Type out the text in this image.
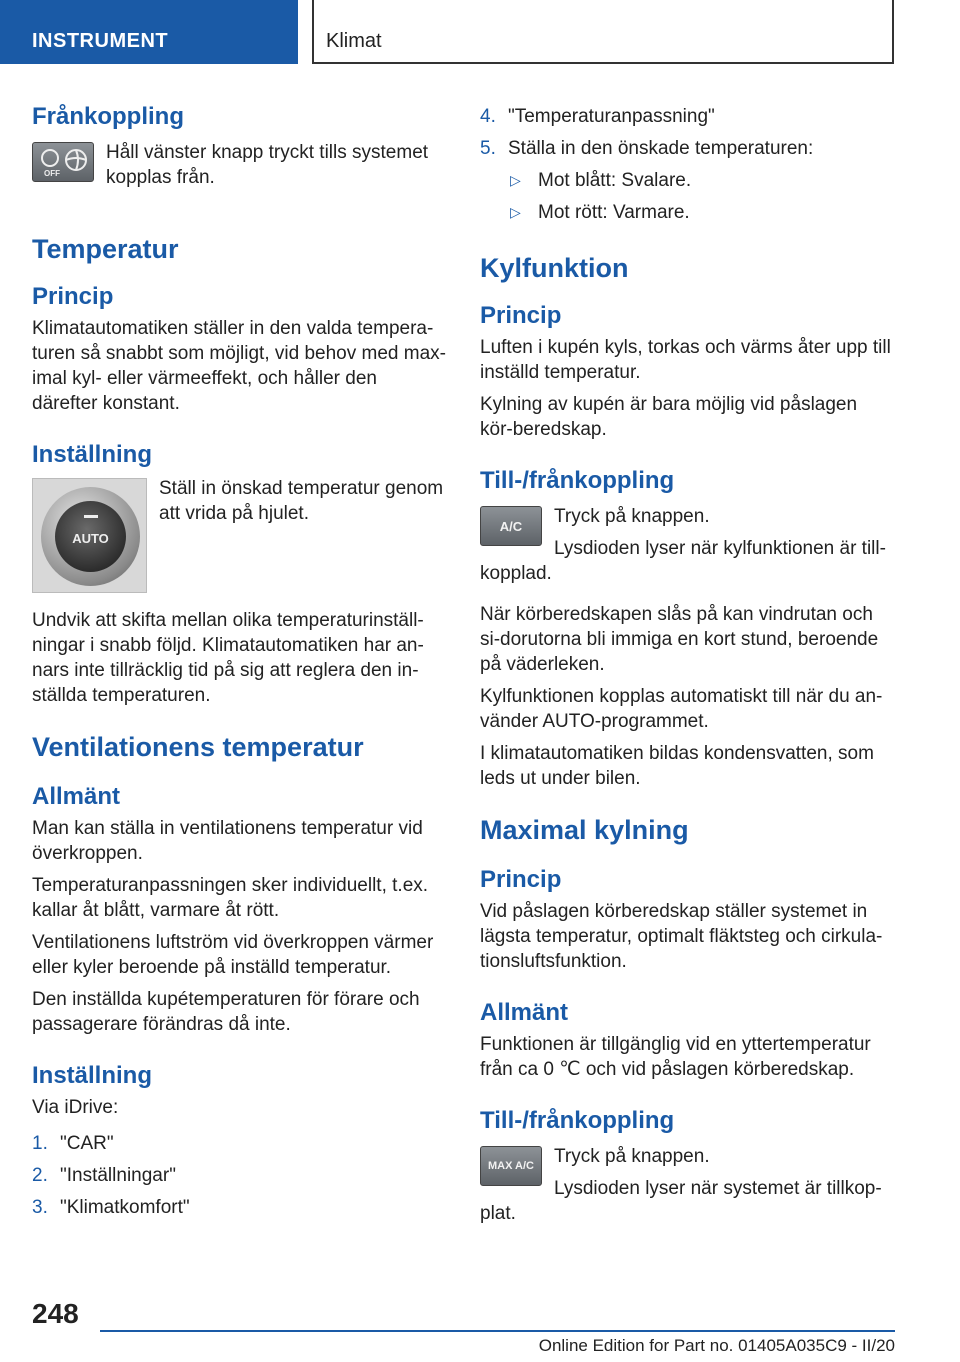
INSTRUMENT	Klimat
Frånkoppling
OFF

Håll vänster knapp tryckt tills systemet kopplas från.

Temperatur
Princip

Klimatautomatiken ställer in den valda tempera-turen så snabbt som möjligt, vid behov med max-imal kyl- eller värmeeffekt, och håller den därefter konstant.

Inställning
AUTO

Ställ in önskad temperatur genom att vrida på hjulet.

Undvik att skifta mellan olika temperaturinställ-ningar i snabb följd. Klimatautomatiken har an-nars inte tillräcklig tid på sig att reglera den in-ställda temperaturen.

Ventilationens temperatur
Allmänt

Man kan ställa in ventilationens temperatur vid överkroppen.

Temperaturanpassningen sker individuellt, t.ex. kallar åt blått, varmare åt rött.

Ventilationens luftström vid överkroppen värmer eller kyler beroende på inställd temperatur.

Den inställda kupétemperaturen för förare och passagerare förändras då inte.

Inställning

Via iDrive:

1. "CAR"

2. "Inställningar"

3. "Klimatkomfort"

4. "Temperaturanpassning"

5. Ställa in den önskade temperaturen:

▷ Mot blått: Svalare.

▷ Mot rött: Varmare.

Kylfunktion
Princip

Luften i kupén kyls, torkas och värms åter upp till inställd temperatur.

Kylning av kupén är bara möjlig vid påslagen kör-beredskap.

Till-/frånkoppling
A/C	Tryck på knappen.

Lysdioden lyser när kylfunktionen är till-kopplad.

När körberedskapen slås på kan vindrutan och si-dorutorna bli immiga en kort stund, beroende på väderleken.

Kylfunktionen kopplas automatiskt till när du an-vänder AUTO-programmet.

I klimatautomatiken bildas kondensvatten, som leds ut under bilen.

Maximal kylning
Princip

Vid påslagen körberedskap ställer systemet in lägsta temperatur, optimalt fläktsteg och cirkula-tionsluftsfunktion.

Allmänt

Funktionen är tillgänglig vid en yttertemperatur från ca 0 ℃ och vid påslagen körberedskap.

Till-/frånkoppling
MAX A/C	Tryck på knappen.

Lysdioden lyser när systemet är tillkop-plat.

248
Online Edition for Part no. 01405A035C9 - II/20
